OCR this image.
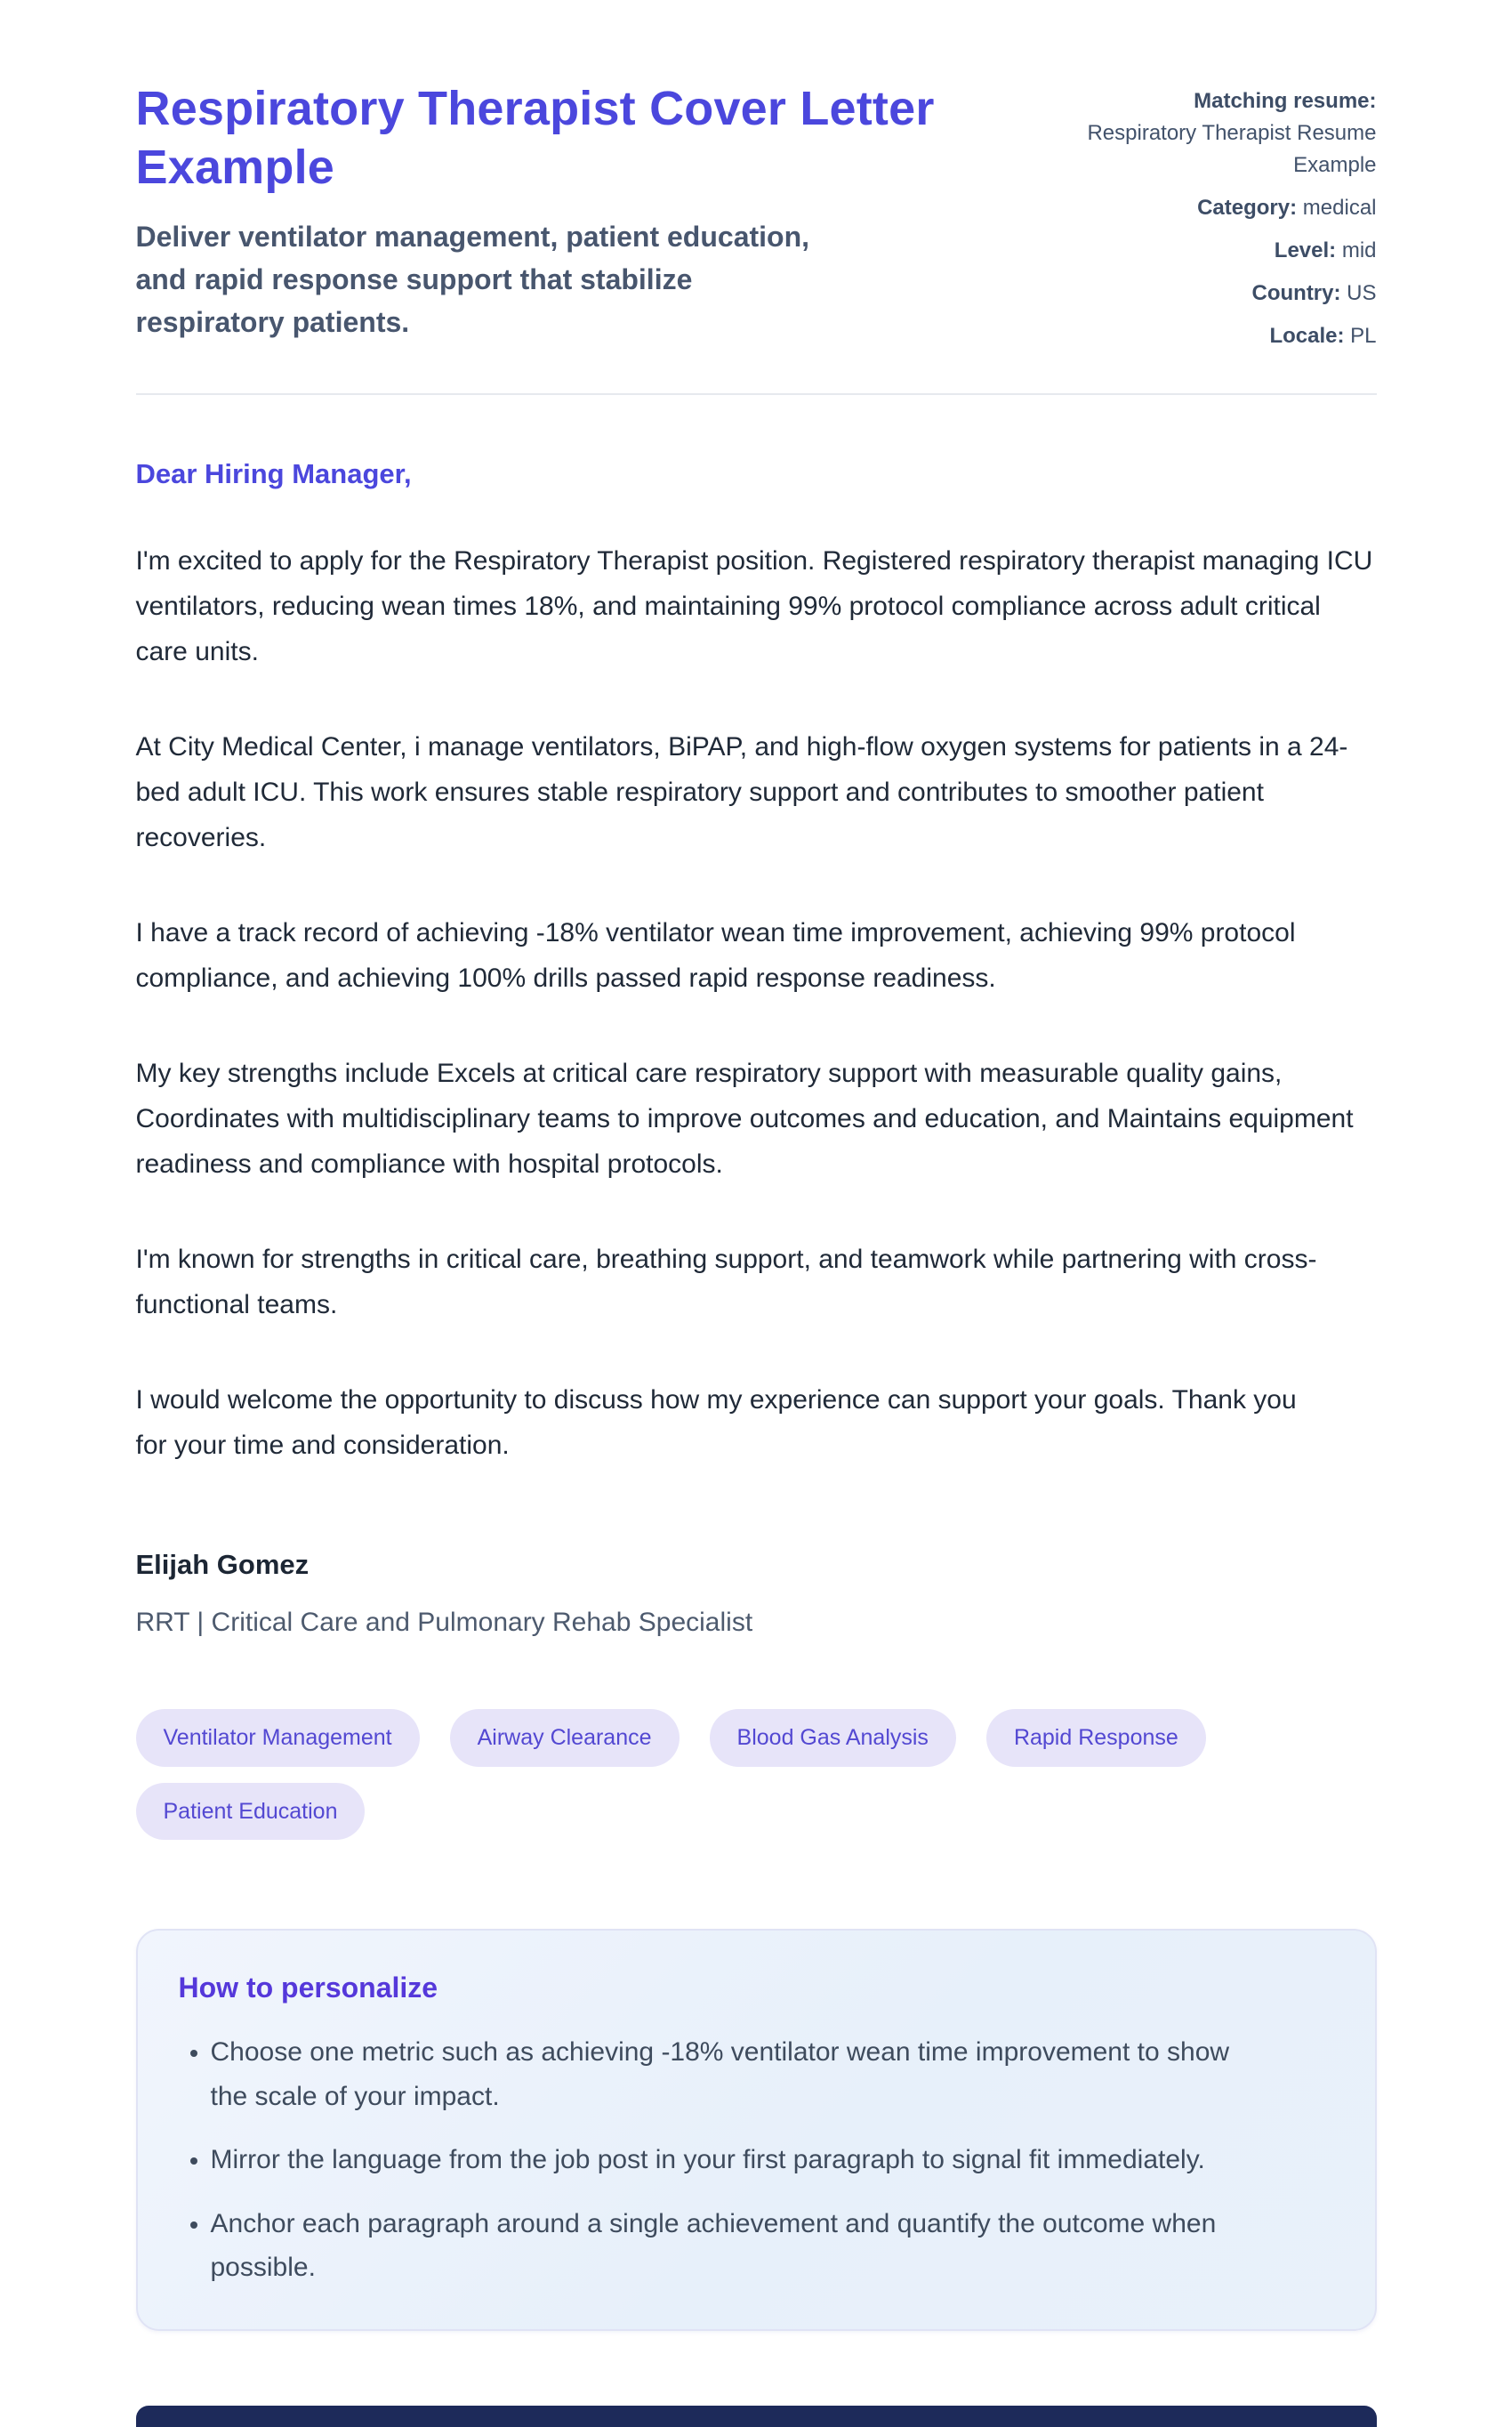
Respiratory Therapist Cover Letter Example

Deliver ventilator management, patient education, and rapid response support that stabilize respiratory patients.

Matching resume:
Respiratory Therapist Resume Example
Category: medical
Level: mid
Country: US
Locale: PL

Dear Hiring Manager,

I'm excited to apply for the Respiratory Therapist position. Registered respiratory therapist managing ICU ventilators, reducing wean times 18%, and maintaining 99% protocol compliance across adult critical care units.

At City Medical Center, i manage ventilators, BiPAP, and high-flow oxygen systems for patients in a 24-bed adult ICU. This work ensures stable respiratory support and contributes to smoother patient recoveries.

I have a track record of achieving -18% ventilator wean time improvement, achieving 99% protocol compliance, and achieving 100% drills passed rapid response readiness.

My key strengths include Excels at critical care respiratory support with measurable quality gains, Coordinates with multidisciplinary teams to improve outcomes and education, and Maintains equipment readiness and compliance with hospital protocols.

I'm known for strengths in critical care, breathing support, and teamwork while partnering with cross-functional teams.

I would welcome the opportunity to discuss how my experience can support your goals. Thank you for your time and consideration.

Elijah Gomez

RRT | Critical Care and Pulmonary Rehab Specialist

Ventilator Management	Airway Clearance	Blood Gas Analysis	Rapid Response
Patient Education
How to personalize
• Choose one metric such as achieving -18% ventilator wean time improvement to show the scale of your impact.
• Mirror the language from the job post in your first paragraph to signal fit immediately.
• Anchor each paragraph around a single achievement and quantify the outcome when possible.
